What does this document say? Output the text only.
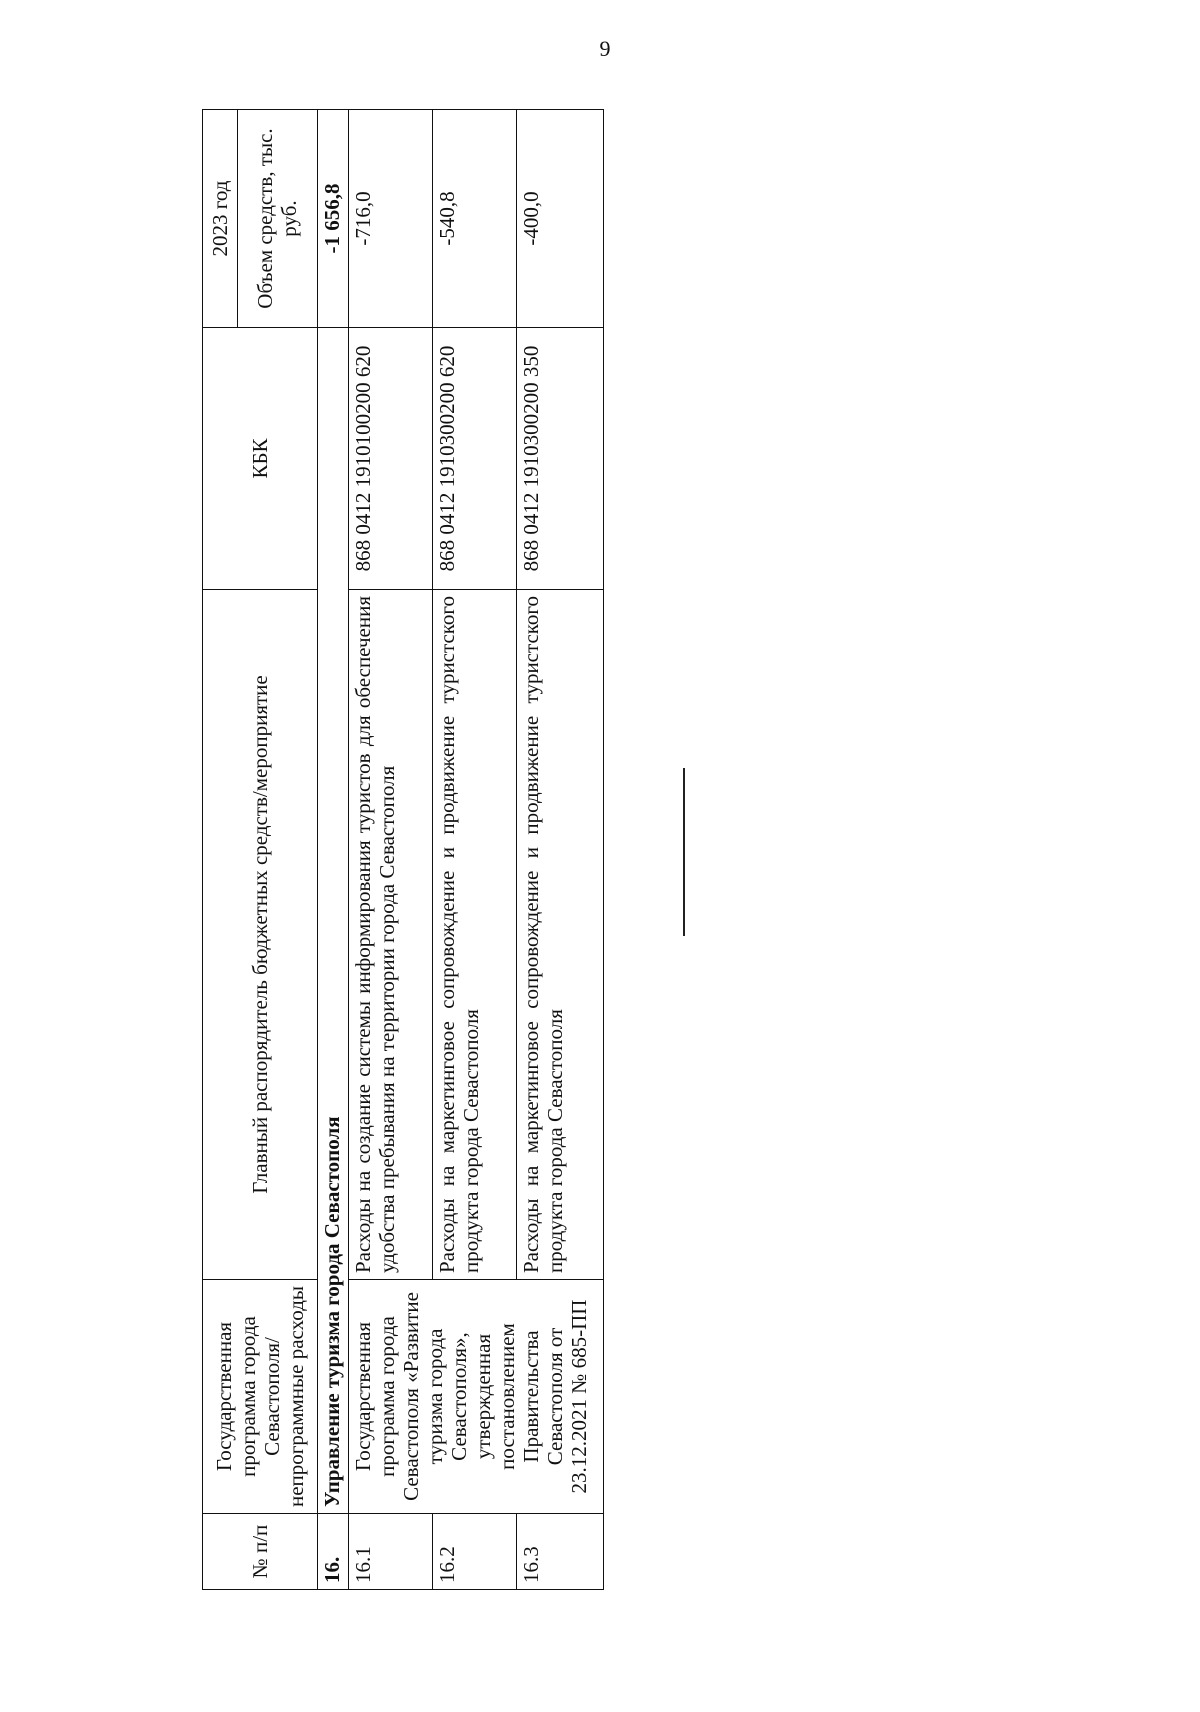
9
№ п/п	Государственная программа города Севастополя/ непрограммные расходы	Главный распорядитель бюджетных средств/мероприятие	КБК	2023 год
				Объем средств, тыс. руб.
16.	Управление туризма города Севастополя			-1 656,8
16.1	Государственная программа города Севастополя «Развитие туризма города Севастополя», утвержденная постановлением Правительства Севастополя от 23.12.2021 № 685-ПП	Расходы на создание системы информирования туристов для обеспечения удобства пребывания на территории города Севастополя	868 0412 1910100200 620	-716,0
16.2		Расходы на маркетинговое сопровождение и продвижение туристского продукта города Севастополя	868 0412 1910300200 620	-540,8
16.3		Расходы на маркетинговое сопровождение и продвижение туристского продукта города Севастополя	868 0412 1910300200 350	-400,0
